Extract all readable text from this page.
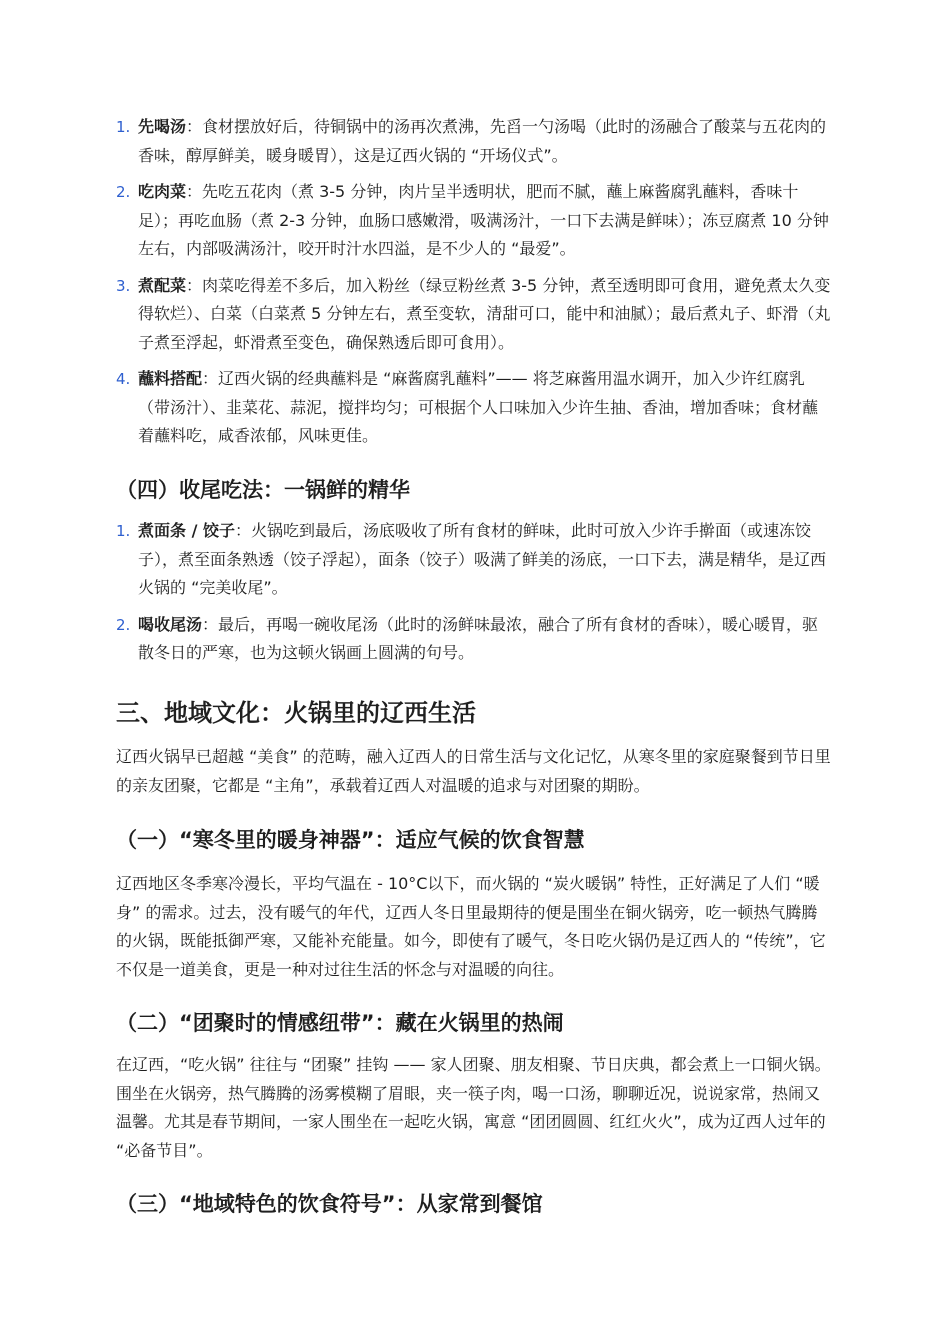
1. 先喝汤：食材摆放好后，待铜锅中的汤再次煮沸，先舀一勺汤喝（此时的汤融合了酸菜与五花肉的香味，醇厚鲜美，暖身暖胃），这是辽西火锅的 “开场仪式”。
2. 吃肉菜：先吃五花肉（煮 3-5 分钟，肉片呈半透明状，肥而不腻，蘸上麻酱腐乳蘸料，香味十足）；再吃血肠（煮 2-3 分钟，血肠口感嫩滑，吸满汤汁，一口下去满是鲜味）；冻豆腐煮 10 分钟左右，内部吸满汤汁，咬开时汁水四溢，是不少人的 “最爱”。
3. 煮配菜：肉菜吃得差不多后，加入粉丝（绿豆粉丝煮 3-5 分钟，煮至透明即可食用，避免煮太久变得软烂）、白菜（白菜煮 5 分钟左右，煮至变软，清甜可口，能中和油腻）；最后煮丸子、虾滑（丸子煮至浮起，虾滑煮至变色，确保熟透后即可食用）。
4. 蘸料搭配：辽西火锅的经典蘸料是 “麻酱腐乳蘸料”—— 将芝麻酱用温水调开，加入少许红腐乳（带汤汁）、韭菜花、蒜泥，搅拌均匀；可根据个人口味加入少许生抽、香油，增加香味；食材蘸着蘸料吃，咸香浓郁，风味更佳。
（四）收尾吃法：一锅鲜的精华
1. 煮面条 / 饺子：火锅吃到最后，汤底吸收了所有食材的鲜味，此时可放入少许手擀面（或速冻饺子），煮至面条熟透（饺子浮起），面条（饺子）吸满了鲜美的汤底，一口下去，满是精华，是辽西火锅的 “完美收尾”。
2. 喝收尾汤：最后，再喝一碗收尾汤（此时的汤鲜味最浓，融合了所有食材的香味），暖心暖胃，驱散冬日的严寒，也为这顿火锅画上圆满的句号。
三、地域文化：火锅里的辽西生活

辽西火锅早已超越 “美食” 的范畴，融入辽西人的日常生活与文化记忆，从寒冬里的家庭聚餐到节日里的亲友团聚，它都是 “主角”，承载着辽西人对温暖的追求与对团聚的期盼。

（一）“寒冬里的暖身神器”：适应气候的饮食智慧

辽西地区冬季寒冷漫长，平均气温在 - 10°C以下，而火锅的 “炭火暖锅” 特性，正好满足了人们 “暖身” 的需求。过去，没有暖气的年代，辽西人冬日里最期待的便是围坐在铜火锅旁，吃一顿热气腾腾的火锅，既能抵御严寒，又能补充能量。如今，即使有了暖气，冬日吃火锅仍是辽西人的 “传统”，它不仅是一道美食，更是一种对过往生活的怀念与对温暖的向往。

（二）“团聚时的情感纽带”：藏在火锅里的热闹

在辽西，“吃火锅” 往往与 “团聚” 挂钩 —— 家人团聚、朋友相聚、节日庆典，都会煮上一口铜火锅。围坐在火锅旁，热气腾腾的汤雾模糊了眉眼，夹一筷子肉，喝一口汤，聊聊近况，说说家常，热闹又温馨。尤其是春节期间，一家人围坐在一起吃火锅，寓意 “团团圆圆、红红火火”，成为辽西人过年的 “必备节目”。

（三）“地域特色的饮食符号”：从家常到餐馆
